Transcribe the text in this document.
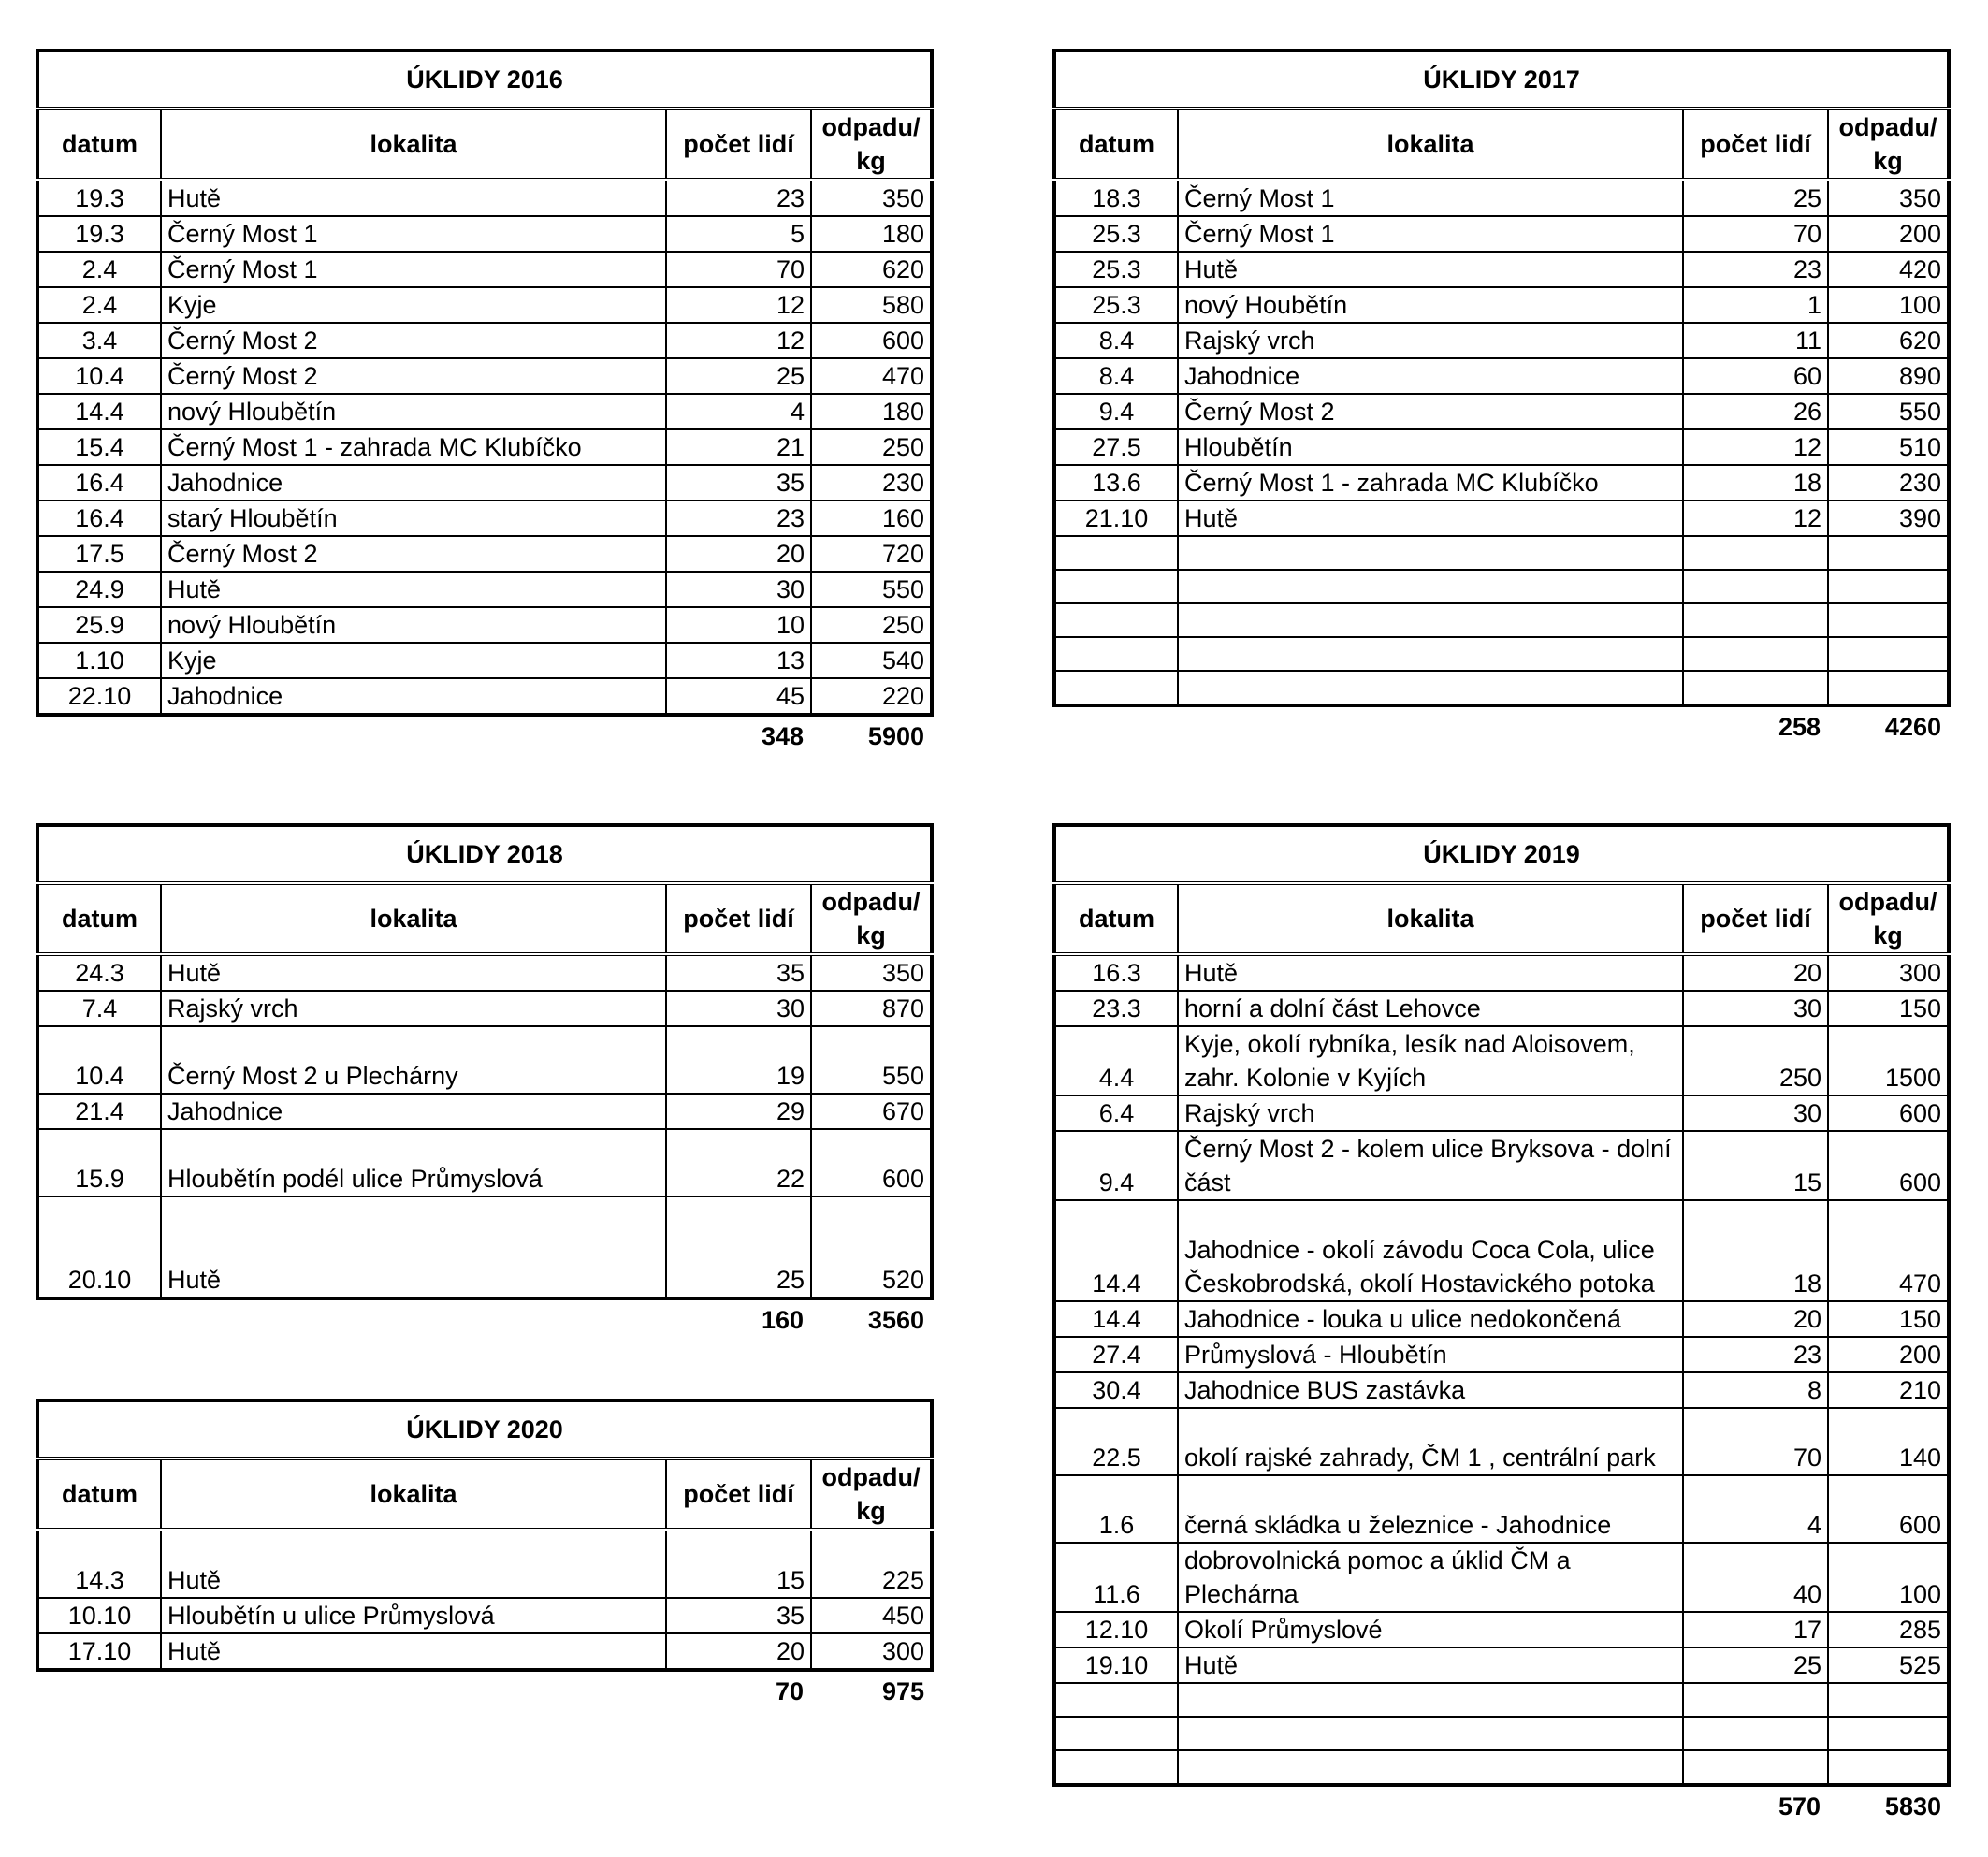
ÚKLIDY 2016			
datum	lokalita	počet lidí	odpadu/ kg
19.3	Hutě	23	350
19.3	Černý Most 1	5	180
2.4	Černý Most 1	70	620
2.4	Kyje	12	580
3.4	Černý Most 2	12	600
10.4	Černý Most 2	25	470
14.4	nový Hloubětín	4	180
15.4	Černý Most 1 - zahrada MC Klubíčko	21	250
16.4	Jahodnice	35	230
16.4	starý Hloubětín	23	160
17.5	Černý Most 2	20	720
24.9	Hutě	30	550
25.9	nový Hloubětín	10	250
1.10	Kyje	13	540
22.10	Jahodnice	45	220
348	5900
ÚKLIDY 2017			
datum	lokalita	počet lidí	odpadu/ kg
18.3	Černý Most 1	25	350
25.3	Černý Most 1	70	200
25.3	Hutě	23	420
25.3	nový Houbětín	1	100
8.4	Rajský vrch	11	620
8.4	Jahodnice	60	890
9.4	Černý Most 2	26	550
27.5	Hloubětín	12	510
13.6	Černý Most 1 - zahrada MC Klubíčko	18	230
21.10	Hutě	12	390

258	4260
ÚKLIDY 2018			
datum	lokalita	počet lidí	odpadu/ kg
24.3	Hutě	35	350
7.4	Rajský vrch	30	870
10.4	Černý Most 2 u Plechárny	19	550
21.4	Jahodnice	29	670
15.9	Hloubětín podél ulice Průmyslová	22	600
20.10	Hutě	25	520
160	3560
ÚKLIDY 2019			
datum	lokalita	počet lidí	odpadu/ kg
16.3	Hutě	20	300
23.3	horní a dolní část Lehovce	30	150
4.4	Kyje, okolí rybníka, lesík nad Aloisovem, zahr. Kolonie v Kyjích	250	1500
6.4	Rajský vrch	30	600
9.4	Černý Most 2 - kolem ulice Bryksova - dolní část	15	600
14.4	Jahodnice - okolí závodu Coca Cola, ulice Českobrodská, okolí Hostavického potoka	18	470
14.4	Jahodnice - louka u ulice nedokončená	20	150
27.4	Průmyslová - Hloubětín	23	200
30.4	Jahodnice BUS zastávka	8	210
22.5	okolí rajské zahrady, ČM 1 , centrální park	70	140
1.6	černá skládka u železnice - Jahodnice	4	600
11.6	dobrovolnická pomoc a úklid ČM a Plechárna	40	100
12.10	Okolí Průmyslové	17	285
19.10	Hutě	25	525

570	5830
ÚKLIDY 2020			
datum	lokalita	počet lidí	odpadu/ kg
14.3	Hutě	15	225
10.10	Hloubětín u ulice Průmyslová	35	450
17.10	Hutě	20	300
70	975
